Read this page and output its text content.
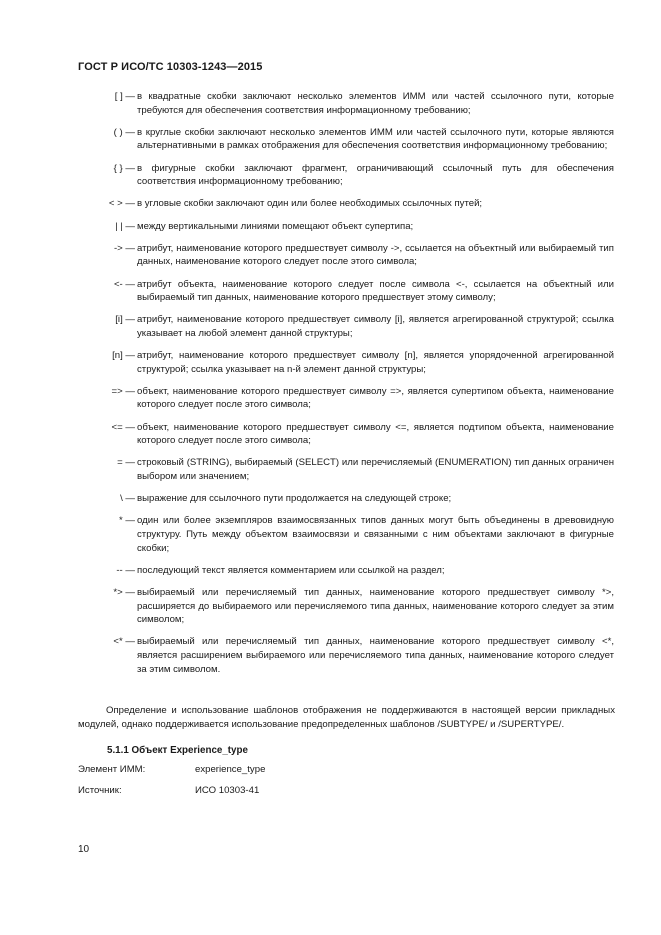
ГОСТ Р ИСО/ТС 10303-1243—2015
[ ] — в квадратные скобки заключают несколько элементов ИММ или частей ссылочного пути, которые требуются для обеспечения соответствия информационному требованию;
( ) — в круглые скобки заключают несколько элементов ИММ или частей ссылочного пути, которые являются альтернативными в рамках отображения для обеспечения соответствия информационному требованию;
{ } — в фигурные скобки заключают фрагмент, ограничивающий ссылочный путь для обеспечения соответствия информационному требованию;
< > — в угловые скобки заключают один или более необходимых ссылочных путей;
| | — между вертикальными линиями помещают объект супертипа;
-> — атрибут, наименование которого предшествует символу ->, ссылается на объектный или выбираемый тип данных, наименование которого следует после этого символа;
<- — атрибут объекта, наименование которого следует после символа <-, ссылается на объектный или выбираемый тип данных, наименование которого предшествует этому символу;
[i] — атрибут, наименование которого предшествует символу [i], является агрегированной структурой; ссылка указывает на любой элемент данной структуры;
[n] — атрибут, наименование которого предшествует символу [n], является упорядоченной агрегированной структурой; ссылка указывает на n-й элемент данной структуры;
=> — объект, наименование которого предшествует символу =>, является супертипом объекта, наименование которого следует после этого символа;
<= — объект, наименование которого предшествует символу <=, является подтипом объекта, наименование которого следует после этого символа;
= — строковый (STRING), выбираемый (SELECT) или перечисляемый (ENUMERATION) тип данных ограничен выбором или значением;
\ — выражение для ссылочного пути продолжается на следующей строке;
* — один или более экземпляров взаимосвязанных типов данных могут быть объединены в древовидную структуру. Путь между объектом взаимосвязи и связанными с ним объектами заключают в фигурные скобки;
-- — последующий текст является комментарием или ссылкой на раздел;
*> — выбираемый или перечисляемый тип данных, наименование которого предшествует символу *>, расширяется до выбираемого или перечисляемого типа данных, наименование которого следует за этим символом;
<* — выбираемый или перечисляемый тип данных, наименование которого предшествует символу <*, является расширением выбираемого или перечисляемого типа данных, наименование которого следует за этим символом.
Определение и использование шаблонов отображения не поддерживаются в настоящей версии прикладных модулей, однако поддерживается использование предопределенных шаблонов /SUBTYPE/ и /SUPERTYPE/.
5.1.1 Объект Experience_type
Элемент ИММ:	experience_type
Источник:	ИСО 10303-41
10
